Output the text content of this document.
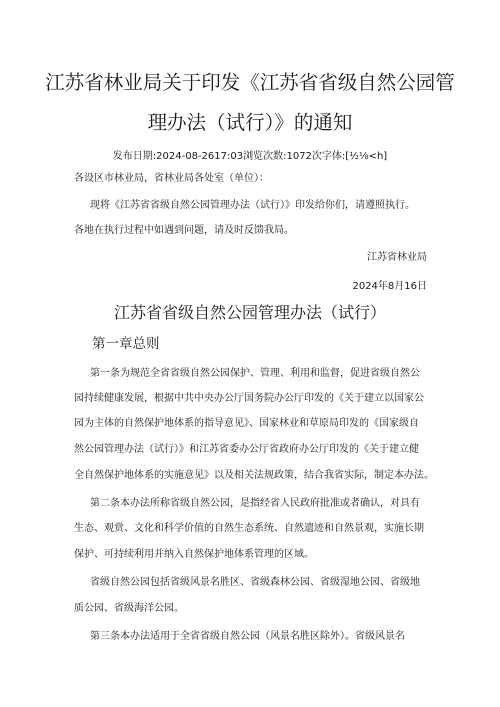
江苏省林业局关于印发《江苏省省级自然公园管
理办法（试行）》的通知
发布日期:2024-08-2617:03浏览次数:1072次字体:[½⅛<h]
各设区市林业局，省林业局各处室（单位）：
现将《江苏省省级自然公园管理办法（试行）》印发给你们，请遵照执行。
各地在执行过程中如遇到问题，请及时反馈我局。
江苏省林业局
2024年8月16日
江苏省省级自然公园管理办法（试行）
第一章总则
第一条为规范全省省级自然公园保护、管理、利用和监督，促进省级自然公
园持续健康发展，根据中共中央办公厅国务院办公厅印发的《关于建立以国家公
园为主体的自然保护地体系的指导意见》、国家林业和草原局印发的《国家级自
然公园管理办法（试行）》和江苏省委办公厅省政府办公厅印发的《关于建立健
全自然保护地体系的实施意见》以及相关法规政策，结合我省实际，制定本办法。
第二条本办法所称省级自然公园，是指经省人民政府批准或者确认，对具有
生态、观赏、文化和科学价值的自然生态系统、自然遗迹和自然景观，实施长期
保护、可持续利用并纳入自然保护地体系管理的区域。
省级自然公园包括省级风景名胜区、省级森林公园、省级湿地公园、省级地
质公园、省级海洋公园。
第三条本办法适用于全省省级自然公园（风景名胜区除外）。省级风景名
